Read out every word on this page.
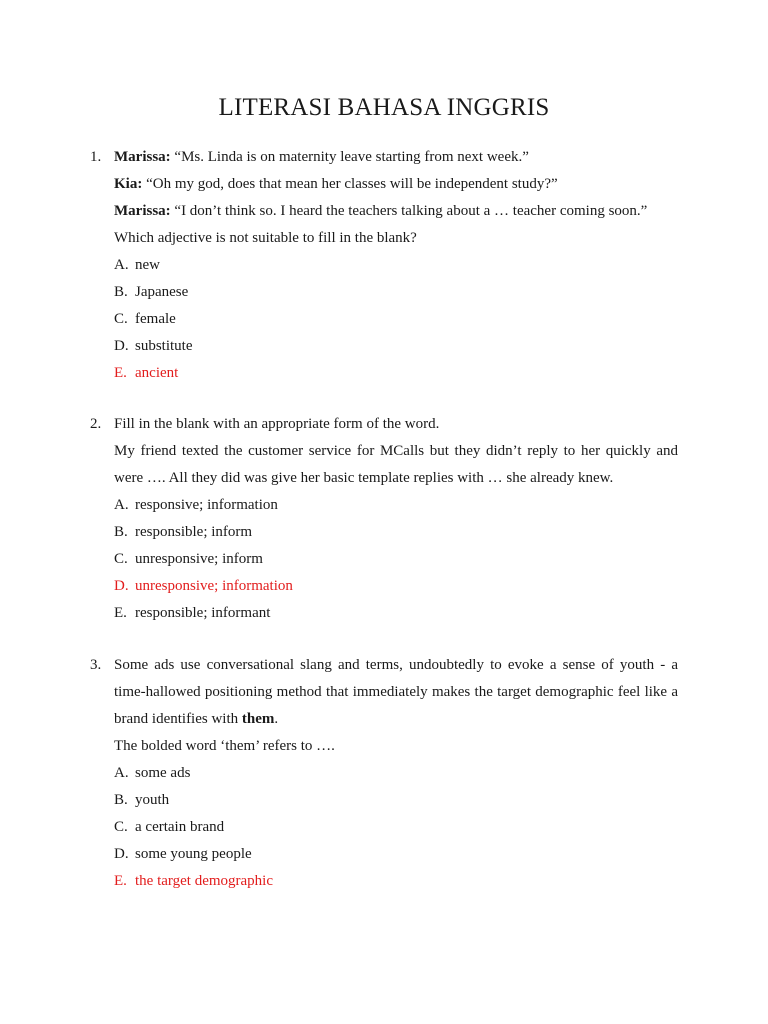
LITERASI BAHASA INGGRIS
1. Marissa: “Ms. Linda is on maternity leave starting from next week.”
Kia: “Oh my god, does that mean her classes will be independent study?”
Marissa: “I don’t think so. I heard the teachers talking about a … teacher coming soon.”
Which adjective is not suitable to fill in the blank?
A. new
B. Japanese
C. female
D. substitute
E. ancient
2. Fill in the blank with an appropriate form of the word.
My friend texted the customer service for MCalls but they didn’t reply to her quickly and
were …. All they did was give her basic template replies with … she already knew.
A. responsive; information
B. responsible; inform
C. unresponsive; inform
D. unresponsive; information
E. responsible; informant
3. Some ads use conversational slang and terms, undoubtedly to evoke a sense of youth - a
time-hallowed positioning method that immediately makes the target demographic feel like a
brand identifies with them.
The bolded word ‘them’ refers to ….
A. some ads
B. youth
C. a certain brand
D. some young people
E. the target demographic
